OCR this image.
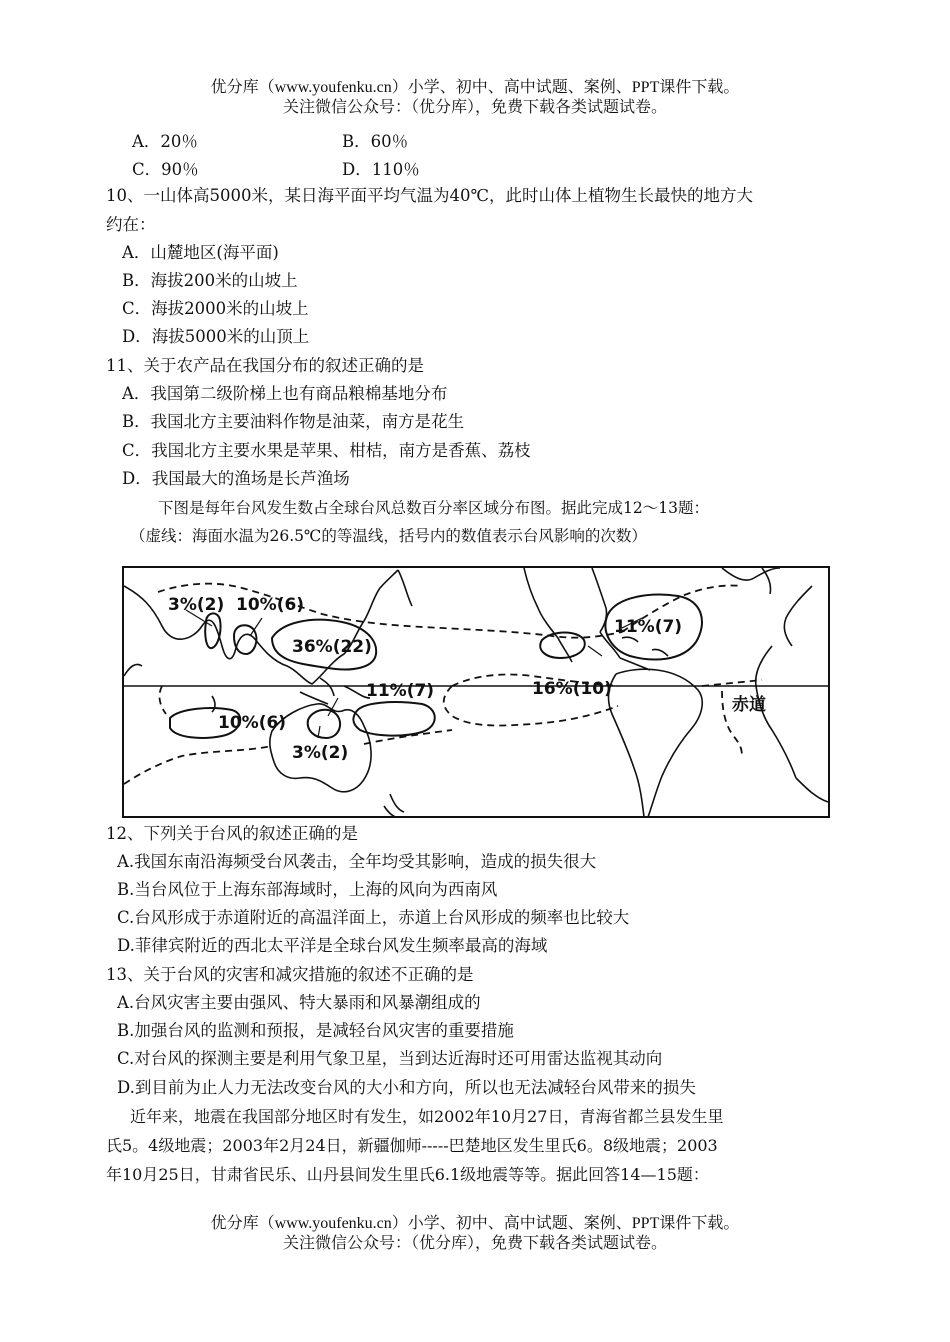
优分库（www.youfenku.cn）小学、初中、高中试题、案例、PPT课件下载。
关注微信公众号：（优分库），免费下载各类试题试卷。
A．20％	B．60％
C．90％	D．110％
10、一山体高5000米，某日海平面平均气温为40℃，此时山体上植物生长最快的地方大
约在：
A．山麓地区(海平面)
B．海拔200米的山坡上
C．海拔2000米的山坡上
D．海拔5000米的山顶上
11、关于农产品在我国分布的叙述正确的是
A．我国第二级阶梯上也有商品粮棉基地分布
B．我国北方主要油料作物是油菜，南方是花生
C．我国北方主要水果是苹果、柑桔，南方是香蕉、荔枝
D．我国最大的渔场是长芦渔场
下图是每年台风发生数占全球台风总数百分率区域分布图。据此完成12～13题：
（虚线：海面水温为26.5℃的等温线，括号内的数值表示台风影响的次数）
3%(2) 10%(6)
36%(22)
11%(7)
11%(7)	16%(10)
10%(6)
3%(2)
赤道
12、下列关于台风的叙述正确的是
A.我国东南沿海频受台风袭击，全年均受其影响，造成的损失很大
B.当台风位于上海东部海域时，上海的风向为西南风
C.台风形成于赤道附近的高温洋面上，赤道上台风形成的频率也比较大
D.菲律宾附近的西北太平洋是全球台风发生频率最高的海域
13、关于台风的灾害和减灾措施的叙述不正确的是
A.台风灾害主要由强风、特大暴雨和风暴潮组成的
B.加强台风的监测和预报，是减轻台风灾害的重要措施
C.对台风的探测主要是利用气象卫星，当到达近海时还可用雷达监视其动向
D.到目前为止人力无法改变台风的大小和方向，所以也无法减轻台风带来的损失
近年来，地震在我国部分地区时有发生，如2002年10月27日，青海省都兰县发生里
氏5。4级地震；2003年2月24日，新疆伽师-----巴楚地区发生里氏6。8级地震；2003
年10月25日，甘肃省民乐、山丹县间发生里氏6.1级地震等等。据此回答14—15题：
优分库（www.youfenku.cn）小学、初中、高中试题、案例、PPT课件下载。
关注微信公众号：（优分库），免费下载各类试题试卷。
